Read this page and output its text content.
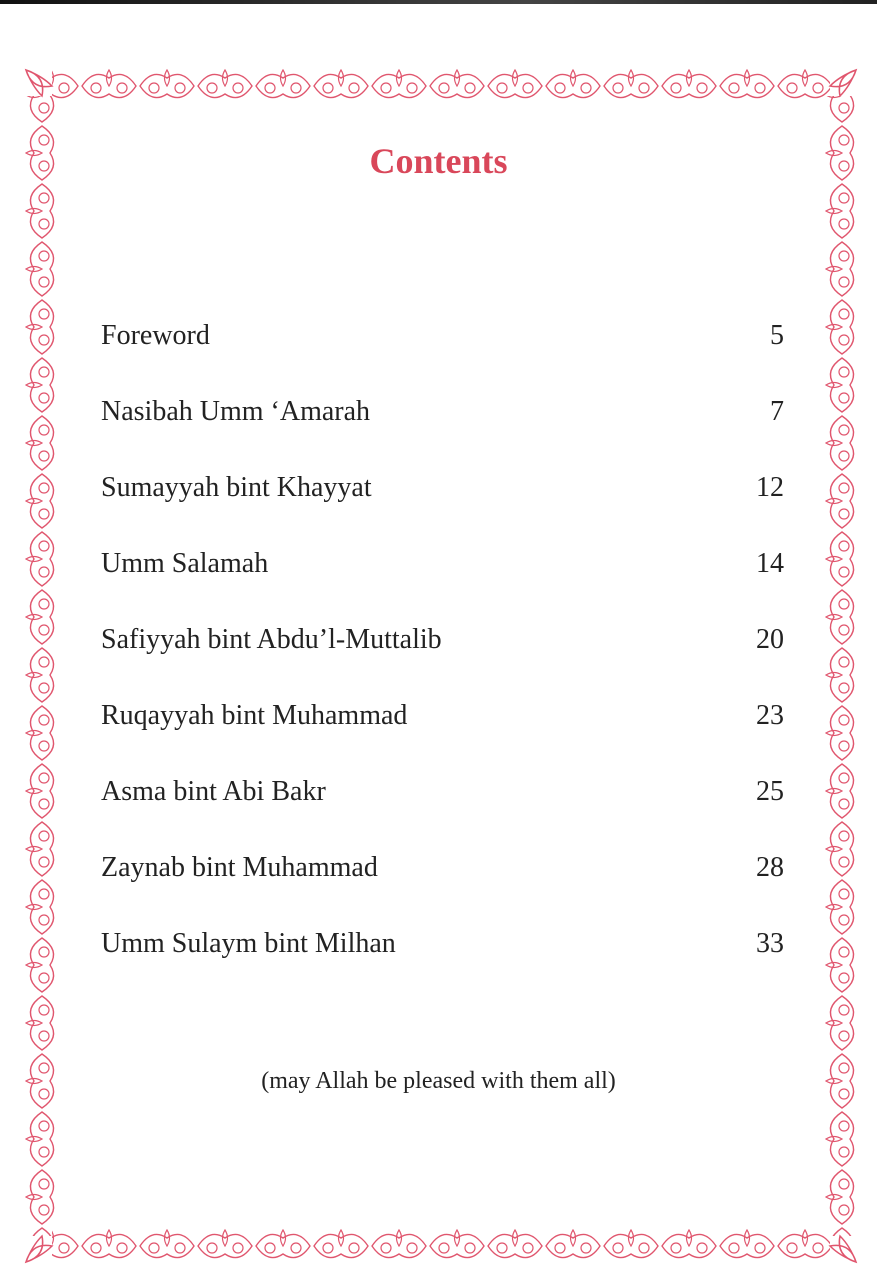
Contents
Foreword	5
Nasibah Umm ‘Amarah	7
Sumayyah bint Khayyat	12
Umm Salamah	14
Safiyyah bint Abdu’l-Muttalib	20
Ruqayyah bint Muhammad	23
Asma bint Abi Bakr	25
Zaynab bint Muhammad	28
Umm Sulaym bint Milhan	33
(may Allah be pleased with them all)
